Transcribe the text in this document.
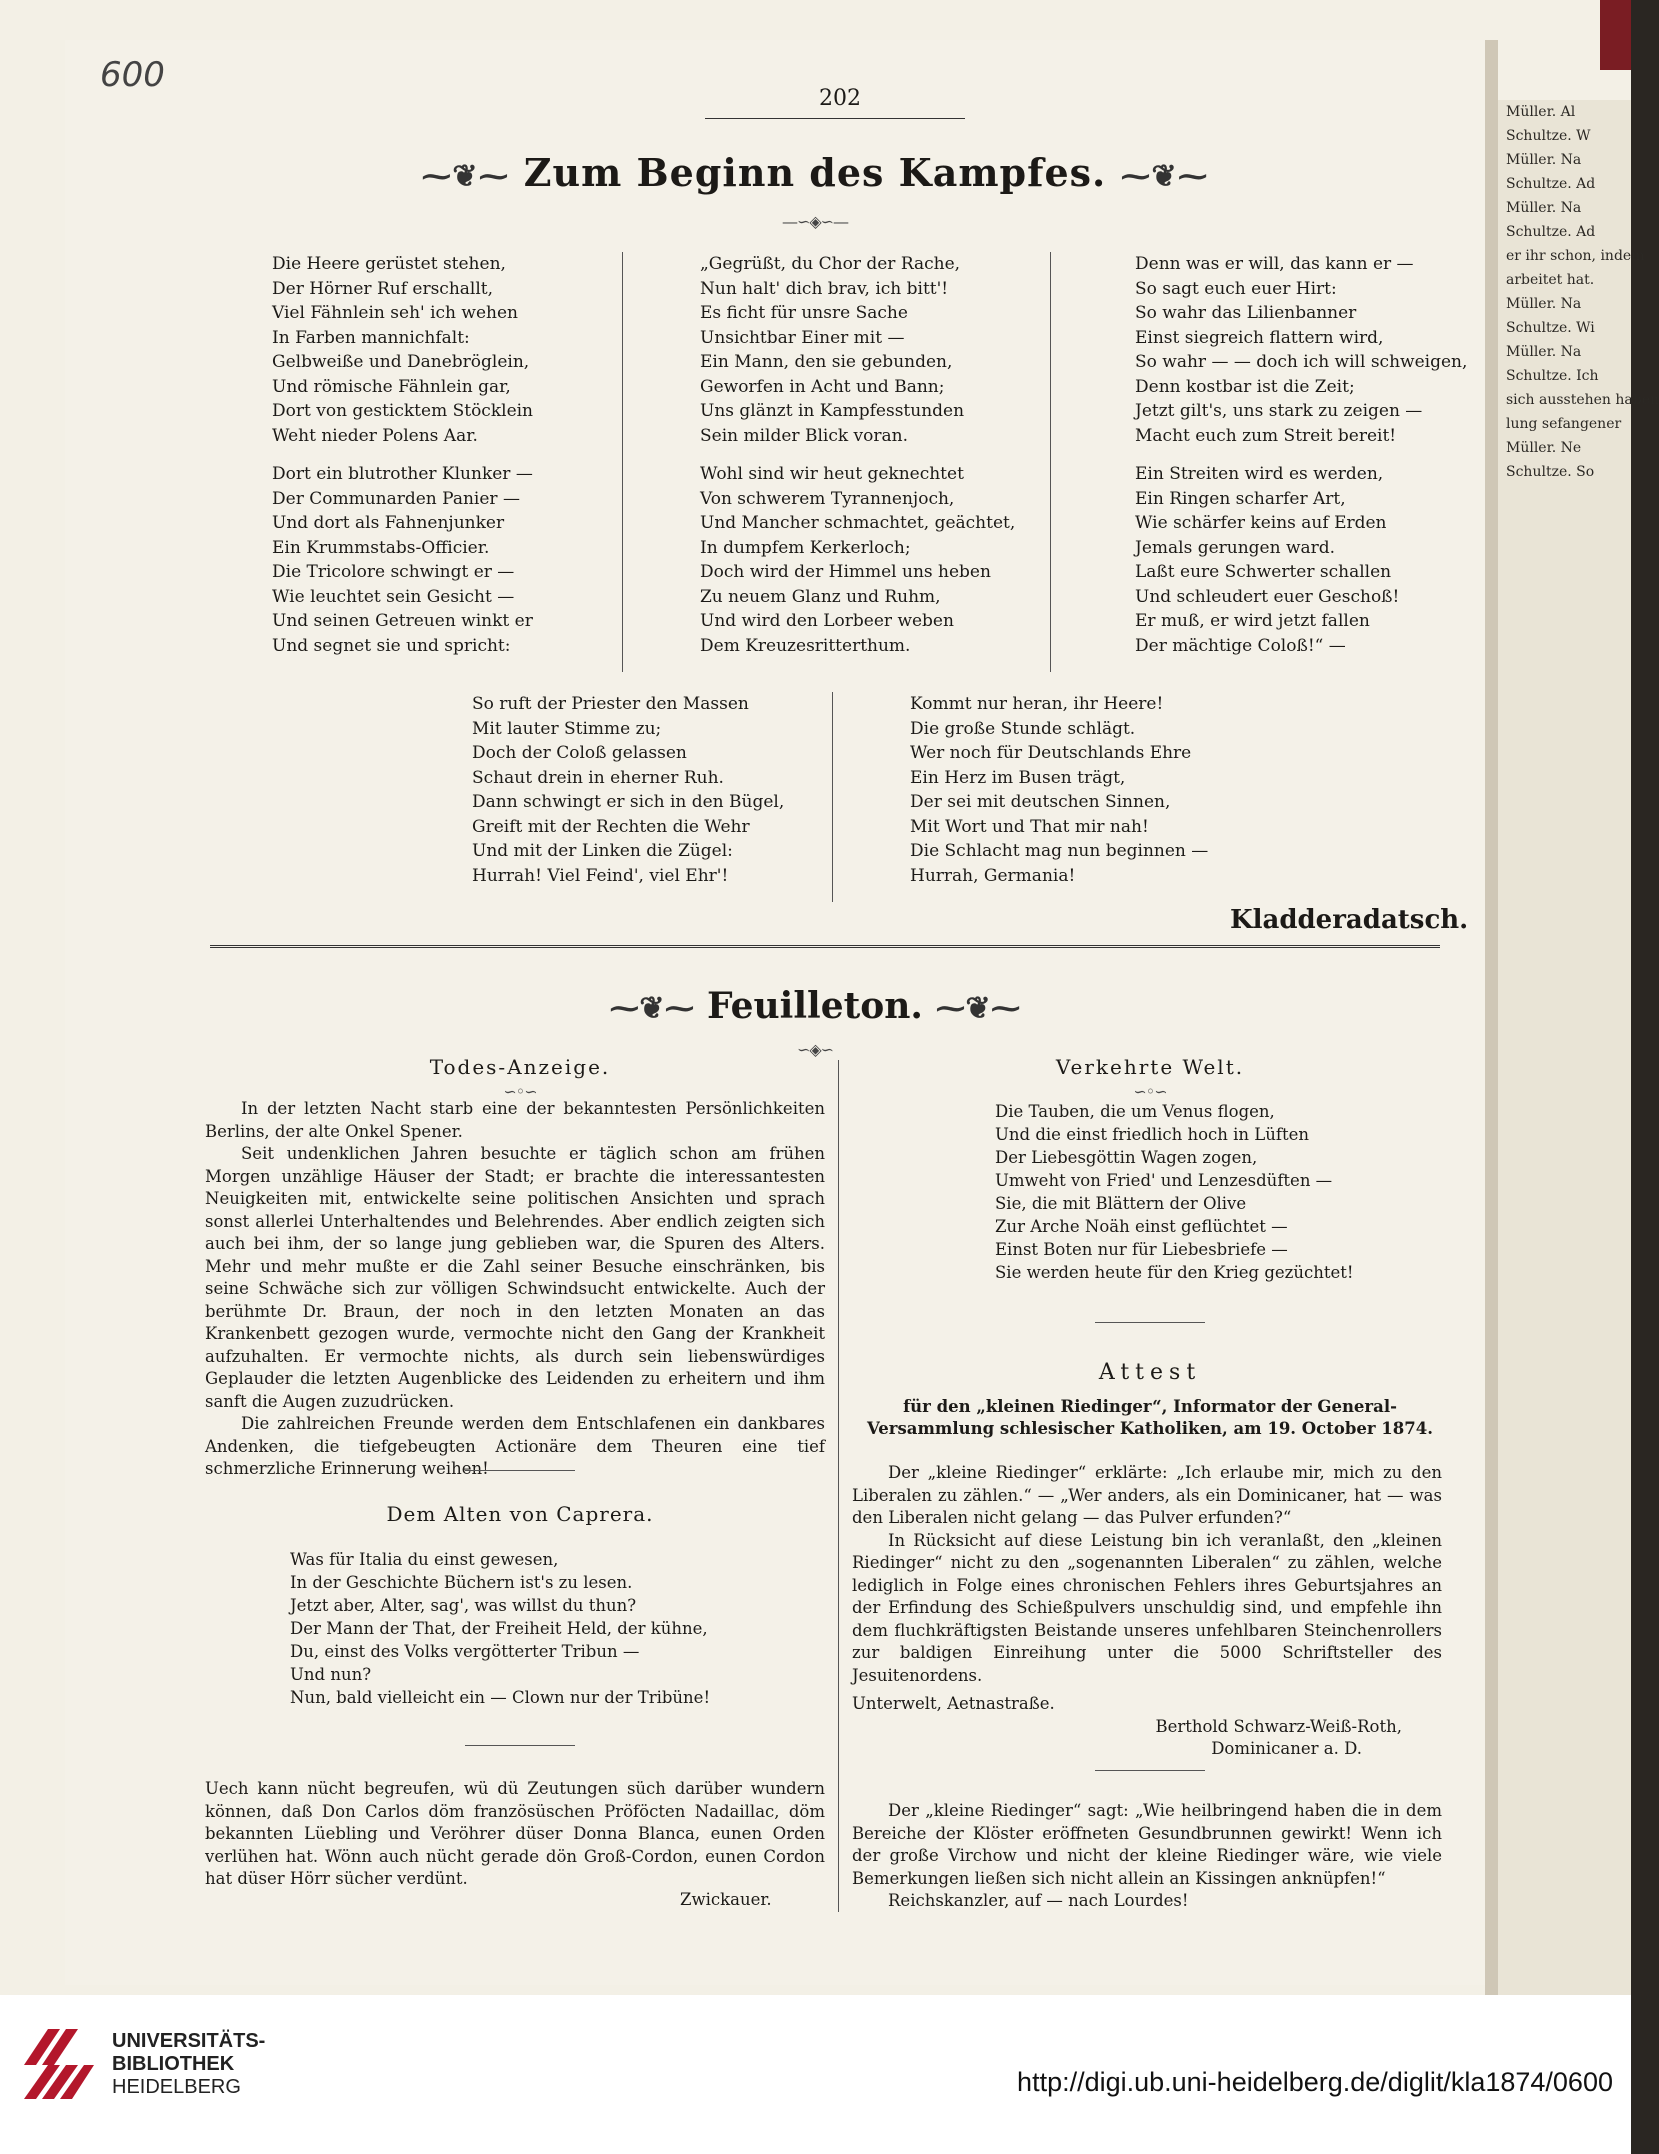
Müller. Al
Schultze. W
Müller. Na
Schultze. Ad
Müller. Na
Schultze. Ad
er ihr schon, indem
arbeitet hat.
Müller. Na
Schultze. Wi
Müller. Na
Schultze. Ich
sich ausstehen haben
lung sefangener
Müller. Ne
Schultze. So
600
202
⁓❦⁓ Zum Beginn des Kampfes. ⁓❦⁓
—∽◈∽—
Die Heere gerüstet stehen,
Der Hörner Ruf erschallt,
Viel Fähnlein seh' ich wehen
In Farben mannichfalt:
Gelbweiße und Danebröglein,
Und römische Fähnlein gar,
Dort von gesticktem Stöcklein
Weht nieder Polens Aar.
Dort ein blutrother Klunker —
Der Communarden Panier —
Und dort als Fahnenjunker
Ein Krummstabs-Officier.
Die Tricolore schwingt er —
Wie leuchtet sein Gesicht —
Und seinen Getreuen winkt er
Und segnet sie und spricht:
„Gegrüßt, du Chor der Rache,
Nun halt' dich brav, ich bitt'!
Es ficht für unsre Sache
Unsichtbar Einer mit —
Ein Mann, den sie gebunden,
Geworfen in Acht und Bann;
Uns glänzt in Kampfesstunden
Sein milder Blick voran.
Wohl sind wir heut geknechtet
Von schwerem Tyrannenjoch,
Und Mancher schmachtet, geächtet,
In dumpfem Kerkerloch;
Doch wird der Himmel uns heben
Zu neuem Glanz und Ruhm,
Und wird den Lorbeer weben
Dem Kreuzesritterthum.
Denn was er will, das kann er —
So sagt euch euer Hirt:
So wahr das Lilienbanner
Einst siegreich flattern wird,
So wahr — — doch ich will schweigen,
Denn kostbar ist die Zeit;
Jetzt gilt's, uns stark zu zeigen —
Macht euch zum Streit bereit!
Ein Streiten wird es werden,
Ein Ringen scharfer Art,
Wie schärfer keins auf Erden
Jemals gerungen ward.
Laßt eure Schwerter schallen
Und schleudert euer Geschoß!
Er muß, er wird jetzt fallen
Der mächtige Coloß!“ —
So ruft der Priester den Massen
Mit lauter Stimme zu;
Doch der Coloß gelassen
Schaut drein in eherner Ruh.
Dann schwingt er sich in den Bügel,
Greift mit der Rechten die Wehr
Und mit der Linken die Zügel:
Hurrah! Viel Feind', viel Ehr'!
Kommt nur heran, ihr Heere!
Die große Stunde schlägt.
Wer noch für Deutschlands Ehre
Ein Herz im Busen trägt,
Der sei mit deutschen Sinnen,
Mit Wort und That mir nah!
Die Schlacht mag nun beginnen —
Hurrah, Germania!
Kladderadatsch.
⁓❦⁓ Feuilleton. ⁓❦⁓
∽◈∽
Todes-Anzeige.
∽◦∽

In der letzten Nacht starb eine der bekanntesten Persönlichkeiten Berlins, der alte Onkel Spener.

Seit undenklichen Jahren besuchte er täglich schon am frühen Morgen unzählige Häuser der Stadt; er brachte die interessantesten Neuigkeiten mit, entwickelte seine politischen Ansichten und sprach sonst allerlei Unterhaltendes und Belehrendes. Aber endlich zeigten sich auch bei ihm, der so lange jung geblieben war, die Spuren des Alters. Mehr und mehr mußte er die Zahl seiner Besuche einschränken, bis seine Schwäche sich zur völligen Schwindsucht entwickelte. Auch der berühmte Dr. Braun, der noch in den letzten Monaten an das Krankenbett gezogen wurde, vermochte nicht den Gang der Krankheit aufzuhalten. Er vermochte nichts, als durch sein liebenswürdiges Geplauder die letzten Augenblicke des Leidenden zu erheitern und ihm sanft die Augen zuzudrücken.

Die zahlreichen Freunde werden dem Entschlafenen ein dankbares Andenken, die tiefgebeugten Actionäre dem Theuren eine tief schmerzliche Erinnerung weihen!

Dem Alten von Caprera.
Was für Italia du einst gewesen,
In der Geschichte Büchern ist's zu lesen.
Jetzt aber, Alter, sag', was willst du thun?
Der Mann der That, der Freiheit Held, der kühne,
Du, einst des Volks vergötterter Tribun —
Und nun?
Nun, bald vielleicht ein — Clown nur der Tribüne!

Uech kann nücht begreufen, wü dü Zeutungen süch darüber wundern können, daß Don Carlos döm französüschen Pröföcten Nadaillac, döm bekannten Lüebling und Veröhrer düser Donna Blanca, eunen Orden verlühen hat. Wönn auch nücht gerade dön Groß-Cordon, eunen Cordon hat düser Hörr sücher verdünt.

Zwickauer.
Verkehrte Welt.
∽◦∽
Die Tauben, die um Venus flogen,
Und die einst friedlich hoch in Lüften
Der Liebesgöttin Wagen zogen,
Umweht von Fried' und Lenzesdüften —
Sie, die mit Blättern der Olive
Zur Arche Noäh einst geflüchtet —
Einst Boten nur für Liebesbriefe —
Sie werden heute für den Krieg gezüchtet!
Attest
für den „kleinen Riedinger“, Informator der General-Versammlung schlesischer Katholiken, am 19. October 1874.

Der „kleine Riedinger“ erklärte: „Ich erlaube mir, mich zu den Liberalen zu zählen.“ — „Wer anders, als ein Dominicaner, hat — was den Liberalen nicht gelang — das Pulver erfunden?“

In Rücksicht auf diese Leistung bin ich veranlaßt, den „kleinen Riedinger“ nicht zu den „sogenannten Liberalen“ zu zählen, welche lediglich in Folge eines chronischen Fehlers ihres Geburtsjahres an der Erfindung des Schießpulvers unschuldig sind, und empfehle ihn dem fluchkräftigsten Beistande unseres unfehlbaren Steinchenrollers zur baldigen Einreihung unter die 5000 Schriftsteller des Jesuitenordens.

Unterwelt, Aetnastraße.

Berthold Schwarz-Weiß-Roth,

Dominicaner a. D.

Der „kleine Riedinger“ sagt: „Wie heilbringend haben die in dem Bereiche der Klöster eröffneten Gesundbrunnen gewirkt! Wenn ich der große Virchow und nicht der kleine Riedinger wäre, wie viele Bemerkungen ließen sich nicht allein an Kissingen anknüpfen!“

Reichskanzler, auf — nach Lourdes!

UNIVERSITÄTS-
BIBLIOTHEK
HEIDELBERG	http://digi.ub.uni-heidelberg.de/diglit/kla1874/0600
